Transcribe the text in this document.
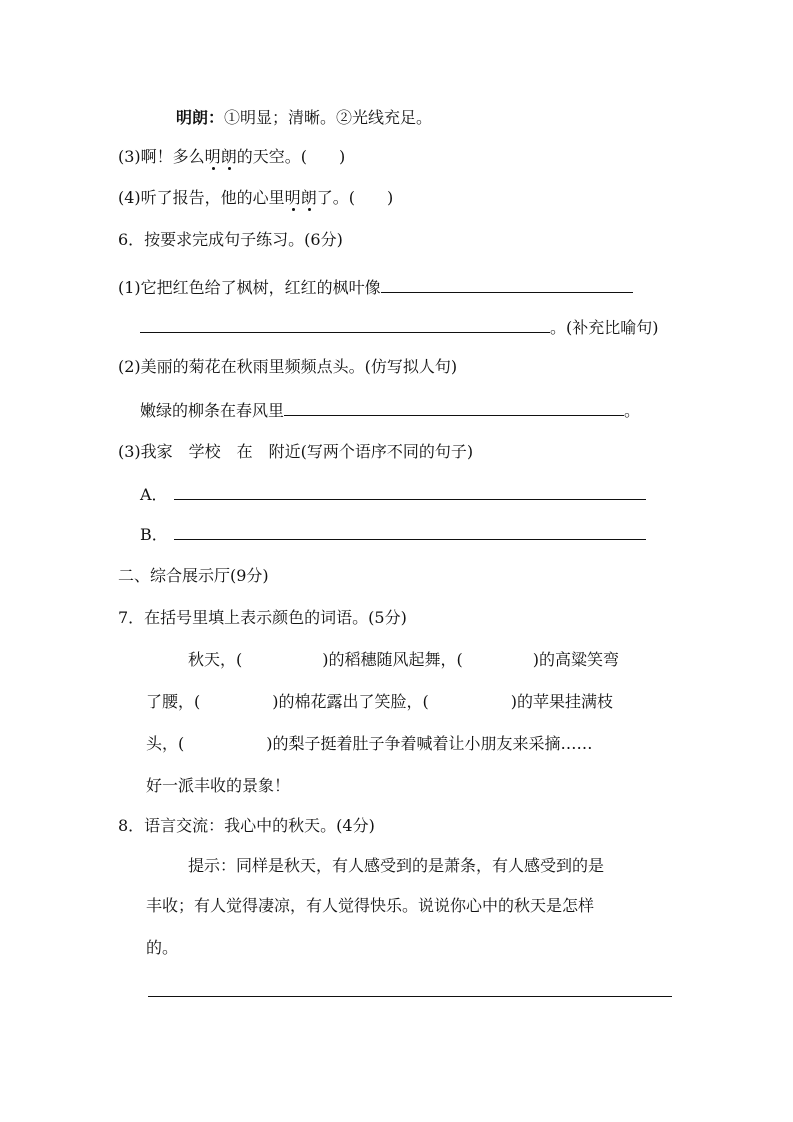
明朗：①明显；清晰。②光线充足。
(3)啊！多么明朗的天空。(　　)
(4)听了报告，他的心里明朗了。(　　)
6．按要求完成句子练习。(6分)
(1)它把红色给了枫树，红红的枫叶像
。(补充比喻句)
(2)美丽的菊花在秋雨里频频点头。(仿写拟人句)
嫩绿的柳条在春风里	。
(3)我家　学校　在　附近(写两个语序不同的句子)
A．
B．
二、综合展示厅(9分)
7．在括号里填上表示颜色的词语。(5分)
秋天，(	)的稻穗随风起舞，(	)的高粱笑弯
了腰，(	)的棉花露出了笑脸，(	)的苹果挂满枝
头，(	)的梨子挺着肚子争着喊着让小朋友来采摘……
好一派丰收的景象！
8．语言交流：我心中的秋天。(4分)
提示：同样是秋天，有人感受到的是萧条，有人感受到的是
丰收；有人觉得凄凉，有人觉得快乐。说说你心中的秋天是怎样
的。
